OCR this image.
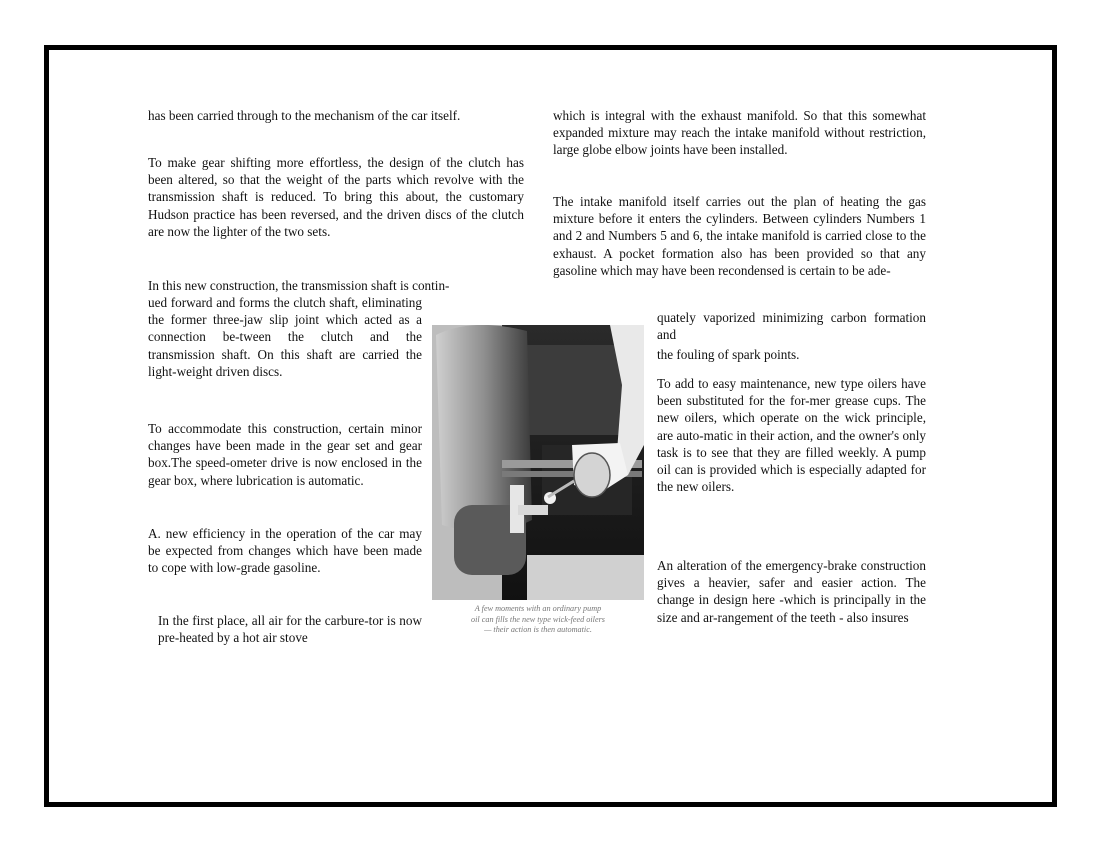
has been carried through to the mechanism of the car itself.

To make gear shifting more effortless, the design of the clutch has been altered, so that the weight of the parts which revolve with the transmission shaft is reduced. To bring this about, the customary Hudson practice has been reversed, and the driven discs of the clutch are now the lighter of the two sets.

In this new construction, the transmission shaft is contin-

ued forward and forms the clutch shaft, eliminating the former three-jaw slip joint which acted as a connection be-tween the clutch and the transmission shaft. On this shaft are carried the light-weight driven discs.

To accommodate this construction, certain minor changes have been made in the gear set and gear box.The speed-ometer drive is now enclosed in the gear box, where lubrication is automatic.

A. new efficiency in the operation of the car may be expected from changes which have been made to cope with low-grade gasoline.

In the first place, all air for the carbure-tor is now pre-heated by a hot air stove

which is integral with the exhaust manifold. So that this somewhat expanded mixture may reach the intake manifold without restriction, large globe elbow joints have been installed.

The intake manifold itself carries out the plan of heating the gas mixture before it enters the cylinders. Between cylinders Numbers 1 and 2 and Numbers 5 and 6, the intake manifold is carried close to the exhaust. A pocket formation also has been provided so that any gasoline which may have been recondensed is certain to be ade-

quately vaporized minimizing carbon formation and

the fouling of spark points.

To add to easy maintenance, new type oilers have been substituted for the for-mer grease cups. The new oilers, which operate on the wick principle, are auto-matic in their action, and the owner's only task is to see that they are filled weekly. A pump oil can is provided which is especially adapted for the new oilers.

An alteration of the emergency-brake construction gives a heavier, safer and easier action. The change in design here -which is principally in the size and ar-rangement of the teeth - also insures

A few moments with an ordinary pump
oil can fills the new type wick-feed oilers
— their action is then automatic.
